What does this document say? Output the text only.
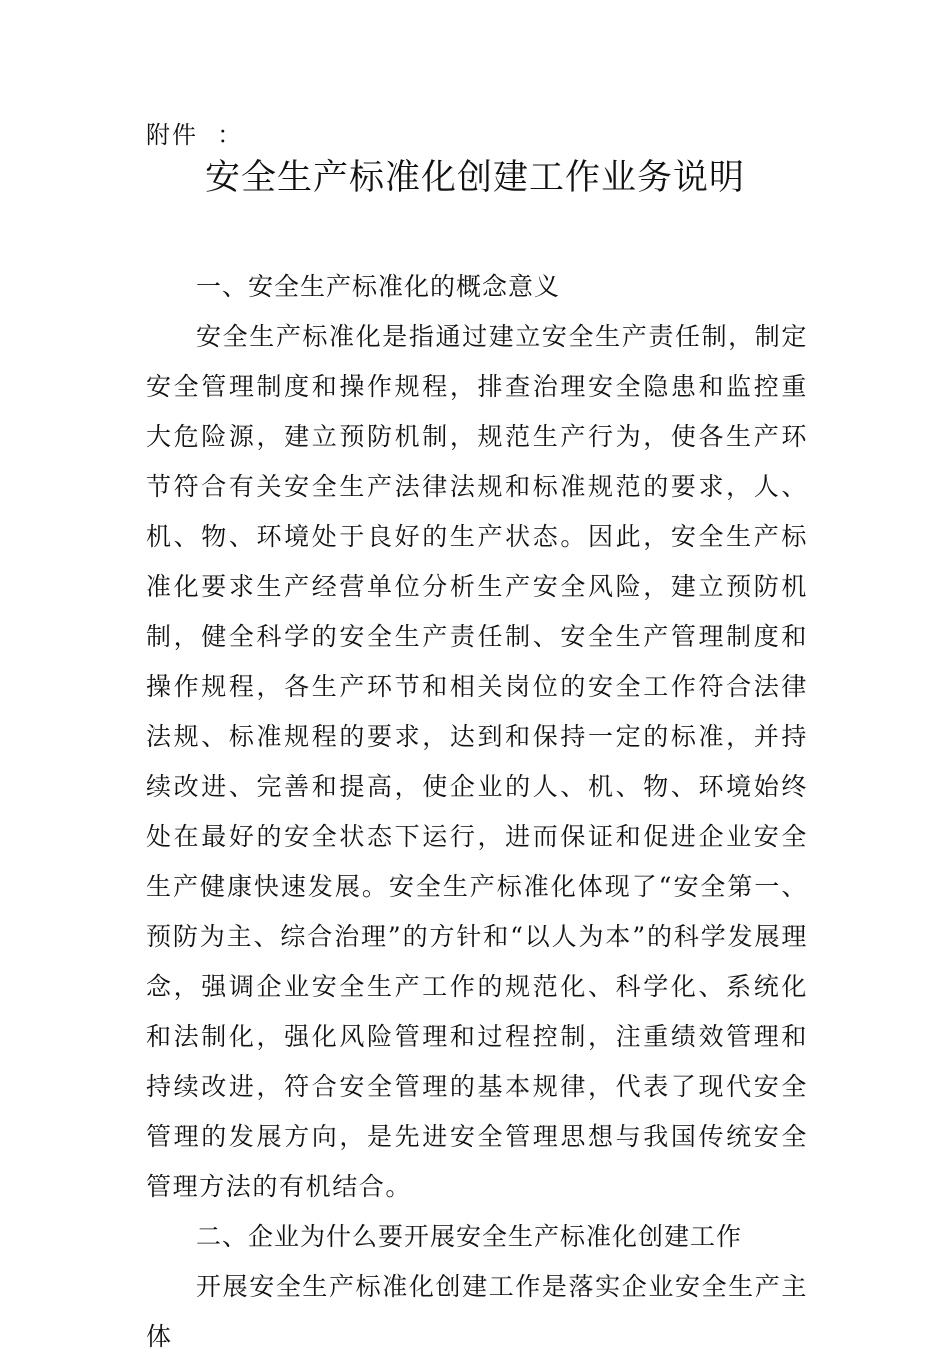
附件  ：
安全生产标准化创建工作业务说明

一、安全生产标准化的概念意义

安全生产标准化是指通过建立安全生产责任制，制定安全管理制度和操作规程，排查治理安全隐患和监控重大危险源，建立预防机制，规范生产行为，使各生产环节符合有关安全生产法律法规和标准规范的要求，人、机、物、环境处于良好的生产状态。因此，安全生产标准化要求生产经营单位分析生产安全风险，建立预防机制，健全科学的安全生产责任制、安全生产管理制度和操作规程，各生产环节和相关岗位的安全工作符合法律法规、标准规程的要求，达到和保持一定的标准，并持续改进、完善和提高，使企业的人、机、物、环境始终处在最好的安全状态下运行，进而保证和促进企业安全生产健康快速发展。安全生产标准化体现了“安全第一、预防为主、综合治理”的方针和“以人为本”的科学发展理念，强调企业安全生产工作的规范化、科学化、系统化和法制化，强化风险管理和过程控制，注重绩效管理和持续改进，符合安全管理的基本规律，代表了现代安全管理的发展方向，是先进安全管理思想与我国传统安全管理方法的有机结合。

二、企业为什么要开展安全生产标准化创建工作

开展安全生产标准化创建工作是落实企业安全生产主体
